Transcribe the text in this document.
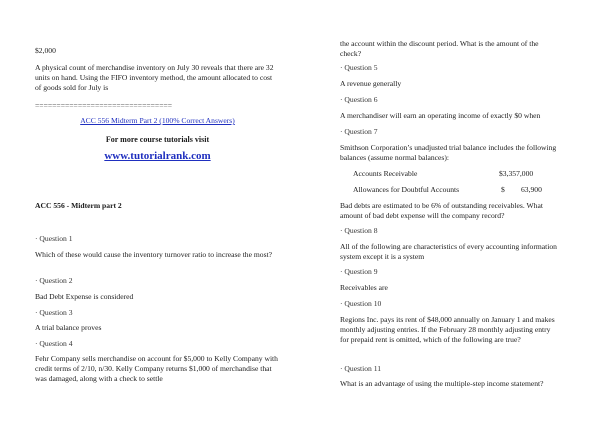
$2,000

A physical count of merchandise inventory on July 30 reveals that there are 32 units on hand. Using the FIFO inventory method, the amount allocated to cost of goods sold for July is

================================

ACC 556 Midterm Part 2 (100% Correct Answers)

For more course tutorials visit

www.tutorialrank.com

ACC 556 - Midterm part 2

· Question 1

Which of these would cause the inventory turnover ratio to increase the most?

· Question 2

Bad Debt Expense is considered

· Question 3

A trial balance proves

· Question 4

Fehr Company sells merchandise on account for $5,000 to Kelly Company with credit terms of 2/10, n/30. Kelly Company returns $1,000 of merchandise that was damaged, along with a check to settle

the account within the discount period. What is the amount of the check?

· Question 5

A revenue generally

· Question 6

A merchandiser will earn an operating income of exactly $0 when

· Question 7

Smithson Corporation’s unadjusted trial balance includes the following balances (assume normal balances):

Accounts Receivable	$3,357,000
Allowances for Doubtful Accounts	$ 63,900

Bad debts are estimated to be 6% of outstanding receivables. What amount of bad debt expense will the company record?

· Question 8

All of the following are characteristics of every accounting information system except it is a system

· Question 9

Receivables are

· Question 10

Regions Inc. pays its rent of $48,000 annually on January 1 and makes monthly adjusting entries. If the February 28 monthly adjusting entry for prepaid rent is omitted, which of the following are true?

· Question 11

What is an advantage of using the multiple-step income statement?
